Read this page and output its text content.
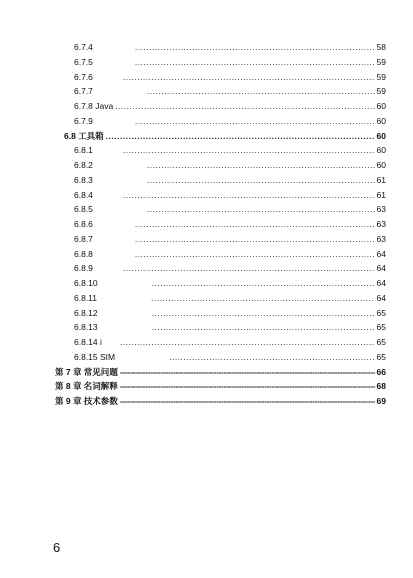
6.7.4 .....	58
6.7.5 .....	59
6.7.6 .....	59
6.7.7 .....	59
6.7.8 Java .....	60
6.7.9 .....	60
6.8 工具箱 .....	60
6.8.1 .....	60
6.8.2 .....	60
6.8.3 .....	61
6.8.4 .....	61
6.8.5 .....	63
6.8.6 .....	63
6.8.7 .....	63
6.8.8 .....	64
6.8.9 .....	64
6.8.10 .....	64
6.8.11 .....	64
6.8.12 .....	65
6.8.13 .....	65
6.8.14 i .....	65
6.8.15 SIM .....	65
第 7 章 常见问题 -----	66
第 8 章 名词解释 -----	68
第 9 章 技术参数 -----	69
6
